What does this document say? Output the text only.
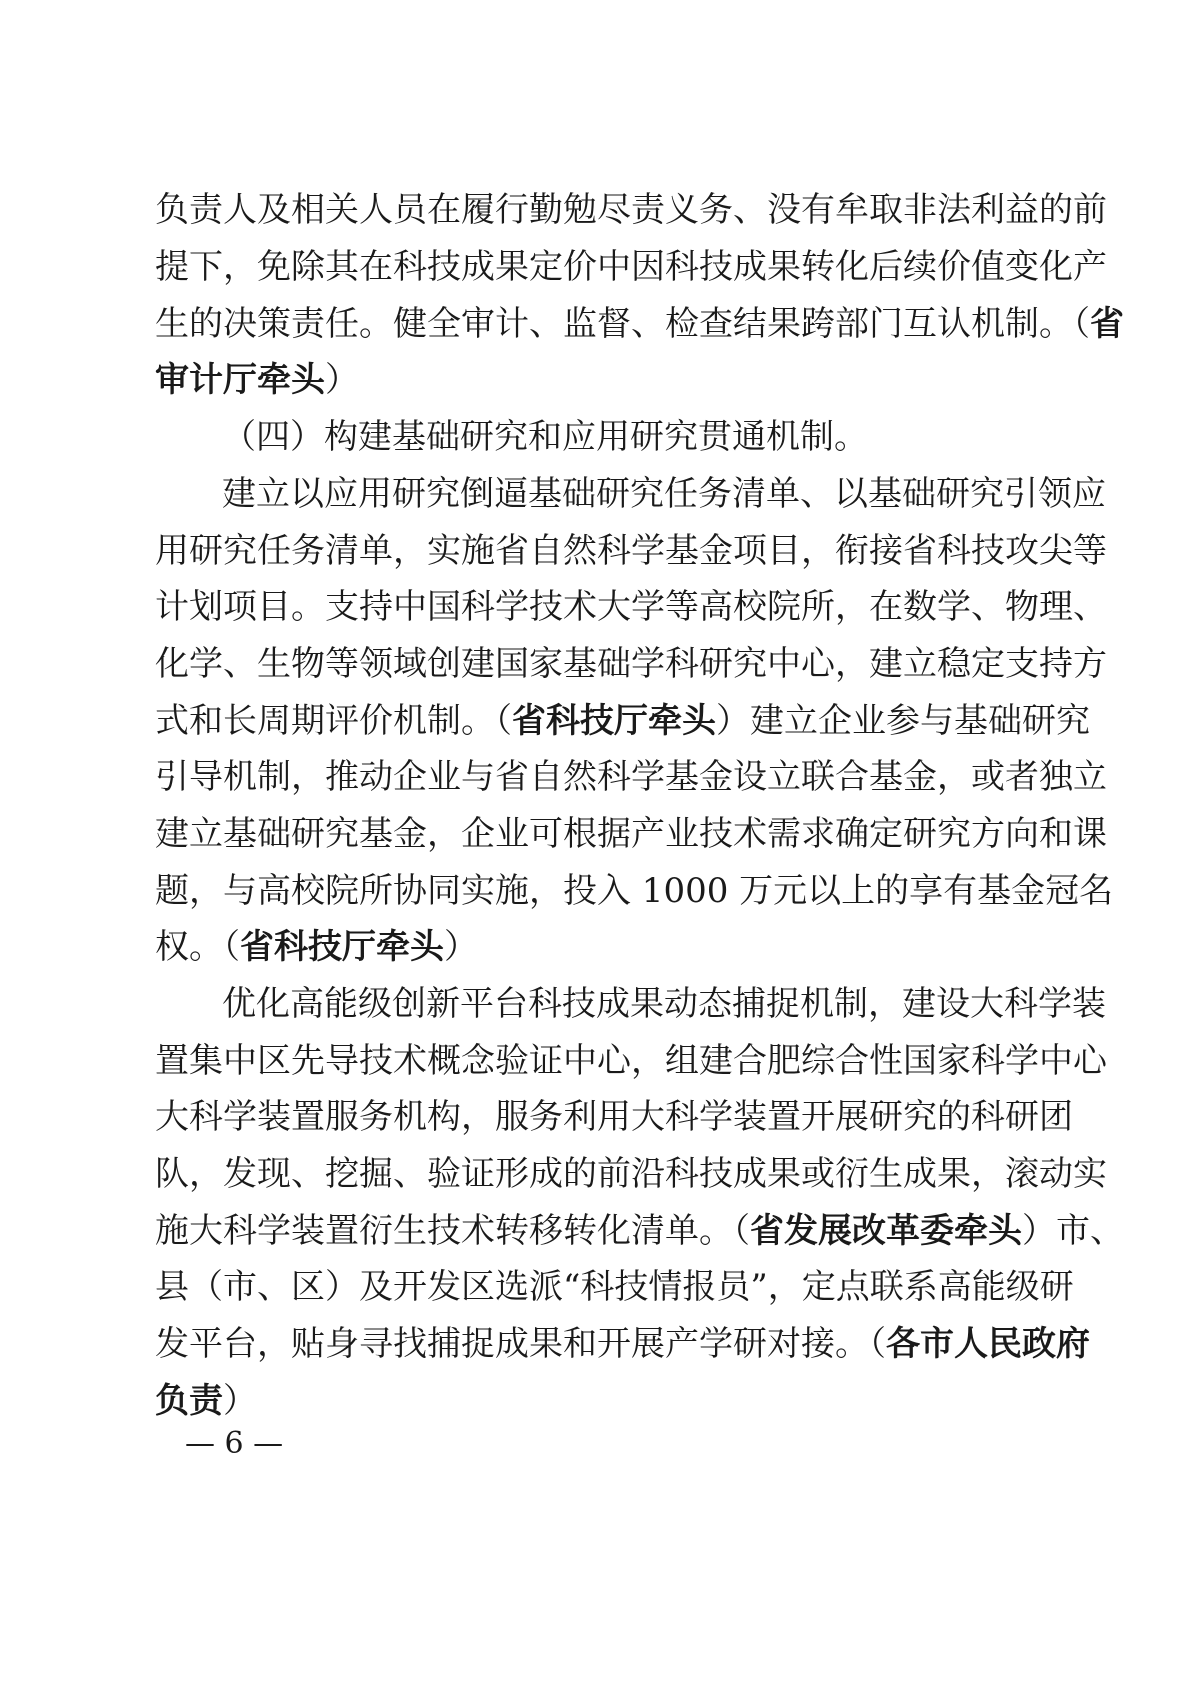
负责人及相关人员在履行勤勉尽责义务、没有牟取非法利益的前
提下，免除其在科技成果定价中因科技成果转化后续价值变化产
生的决策责任。健全审计、监督、检查结果跨部门互认机制。（省
审计厅牵头）
（四）构建基础研究和应用研究贯通机制。
建立以应用研究倒逼基础研究任务清单、以基础研究引领应
用研究任务清单，实施省自然科学基金项目，衔接省科技攻尖等
计划项目。支持中国科学技术大学等高校院所，在数学、物理、
化学、生物等领域创建国家基础学科研究中心，建立稳定支持方
式和长周期评价机制。（省科技厅牵头）建立企业参与基础研究
引导机制，推动企业与省自然科学基金设立联合基金，或者独立
建立基础研究基金，企业可根据产业技术需求确定研究方向和课
题，与高校院所协同实施，投入 1000 万元以上的享有基金冠名
权。（省科技厅牵头）
优化高能级创新平台科技成果动态捕捉机制，建设大科学装
置集中区先导技术概念验证中心，组建合肥综合性国家科学中心
大科学装置服务机构，服务利用大科学装置开展研究的科研团
队，发现、挖掘、验证形成的前沿科技成果或衍生成果，滚动实
施大科学装置衍生技术转移转化清单。（省发展改革委牵头）市、
县（市、区）及开发区选派“科技情报员”，定点联系高能级研
发平台，贴身寻找捕捉成果和开展产学研对接。（各市人民政府
负责）
— 6 —
